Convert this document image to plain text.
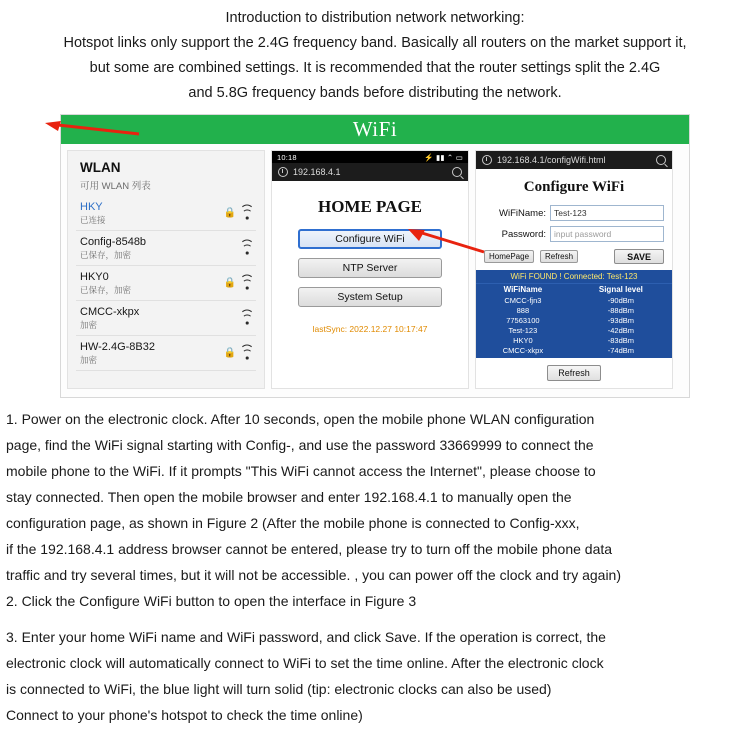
Introduction to distribution network networking:
Hotspot links only support the 2.4G frequency band. Basically all routers on the market support it,
but some are combined settings. It is recommended that the router settings split the 2.4G
and 5.8G frequency bands before distributing the network.
WiFi
WLAN
可用 WLAN 列表
HKY
已连接
🔒
Config-8548b
已保存，加密
HKY0
已保存，加密
🔒
CMCC-xkpx
加密
HW-2.4G-8B32
加密
🔒
10:18	⚡ ▮▮ ⌃ ▭
192.168.4.1
HOME PAGE
Configure WiFi
NTP Server
System Setup
lastSync: 2022.12.27 10:17:47
192.168.4.1/configWifi.html
Configure WiFi
WiFiName:
Test-123
Password:
input password
HomePage	Refresh	SAVE
WiFi FOUND ! Connected: Test-123
WiFiName	Signal level
CMCC-fjn3	-90dBm
888	-88dBm
77563100	-93dBm
Test-123	-42dBm
HKY0	-83dBm
CMCC-xkpx	-74dBm
Refresh

1. Power on the electronic clock. After 10 seconds, open the mobile phone WLAN configuration

page, find the WiFi signal starting with Config-, and use the password 33669999 to connect the

mobile phone to the WiFi. If it prompts "This WiFi cannot access the Internet", please choose to

stay connected. Then open the mobile browser and enter 192.168.4.1 to manually open the

configuration page, as shown in Figure 2 (After the mobile phone is connected to Config-xxx,

if the 192.168.4.1 address browser cannot be entered, please try to turn off the mobile phone data

traffic and try several times, but it will not be accessible. , you can power off the clock and try again)

2. Click the Configure WiFi button to open the interface in Figure 3

3. Enter your home WiFi name and WiFi password, and click Save. If the operation is correct, the

electronic clock will automatically connect to WiFi to set the time online. After the electronic clock

is connected to WiFi, the blue light will turn solid (tip: electronic clocks can also be used)

Connect to your phone's hotspot to check the time online)
